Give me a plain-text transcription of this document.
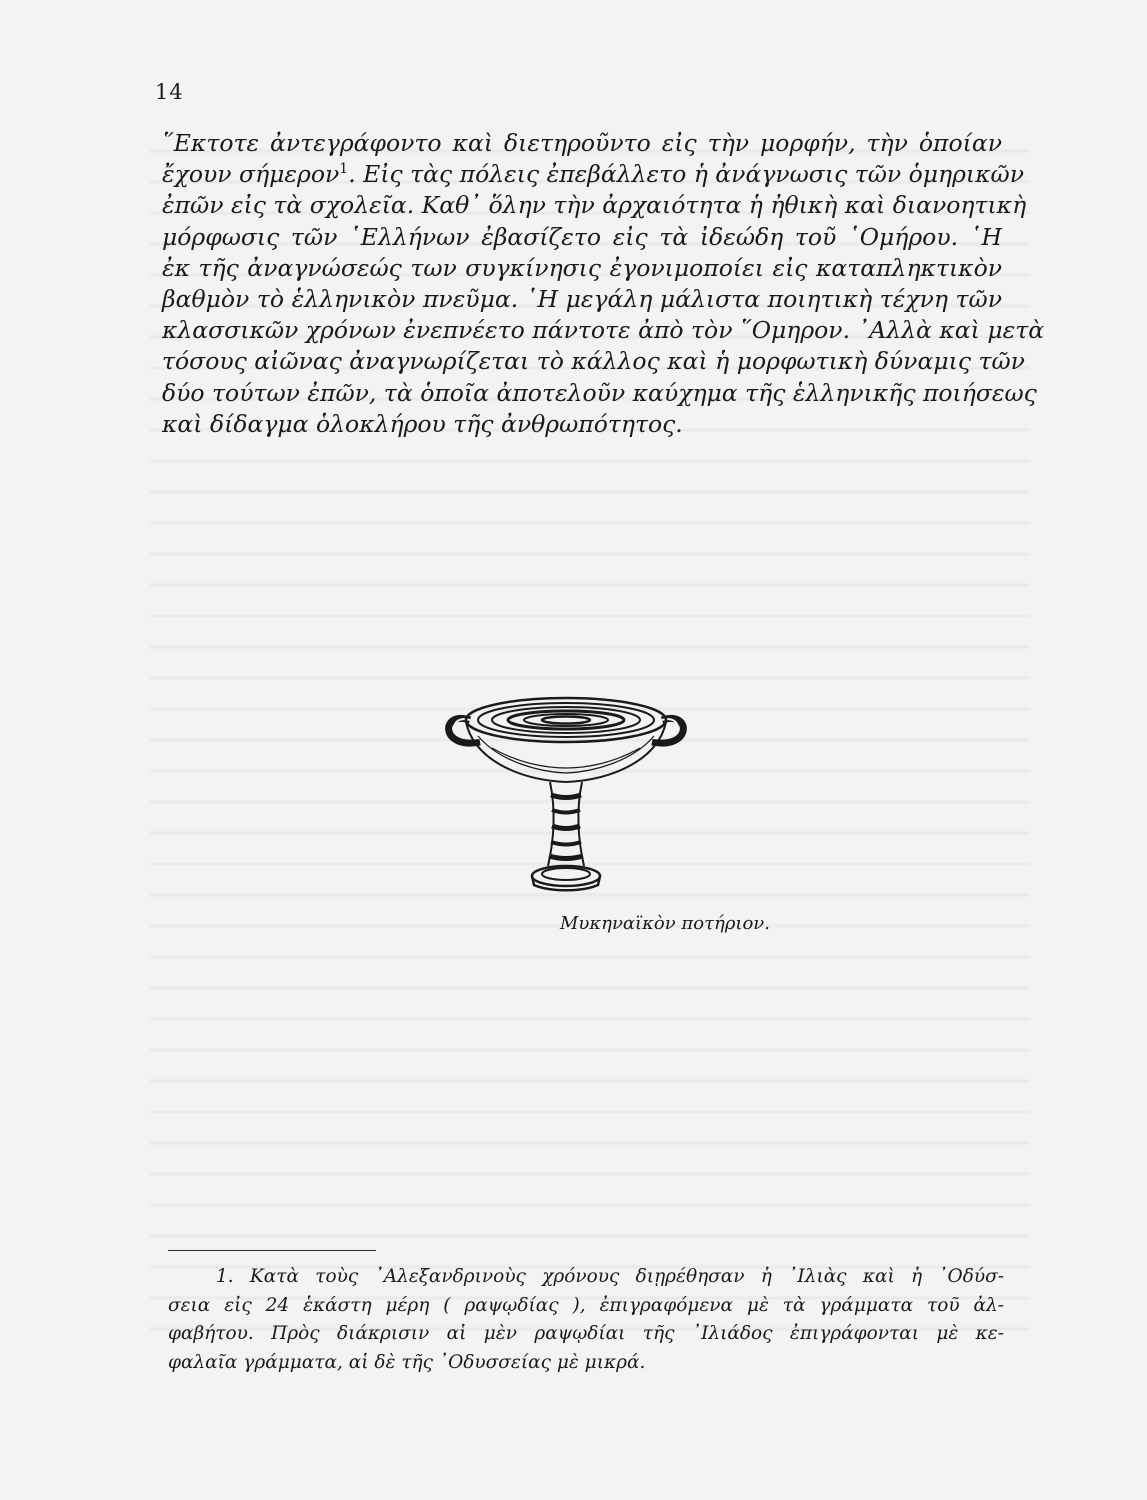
14
῞Εκτοτε ἀντεγράφοντο καὶ διετηροῦντο εἰς τὴν μορφήν, τὴν ὁποίαν
ἔχουν σήμερον$^1$. Εἰς τὰς πόλεις ἐπεβάλλετο ἡ ἀνάγνωσις τῶν ὁμηρικῶν
ἐπῶν εἰς τὰ σχολεῖα. Καθ᾽ ὅλην τὴν ἀρχαιότητα ἡ ἠθικὴ καὶ διανοητικὴ
μόρφωσις τῶν ῾Ελλήνων ἐβασίζετο εἰς τὰ ἰδεώδη τοῦ ῾Ομήρου. ῾Η
ἐκ τῆς ἀναγνώσεώς των συγκίνησις ἐγονιμοποίει εἰς καταπληκτικὸν
βαθμὸν τὸ ἑλληνικὸν πνεῦμα. ῾Η μεγάλη μάλιστα ποιητικὴ τέχνη τῶν
κλασσικῶν χρόνων ἐνεπνέετο πάντοτε ἀπὸ τὸν ῞Ομηρον. ᾽Αλλὰ καὶ μετὰ
τόσους αἰῶνας ἀναγνωρίζεται τὸ κάλλος καὶ ἡ μορφωτικὴ δύναμις τῶν
δύο τούτων ἐπῶν, τὰ ὁποῖα ἀποτελοῦν καύχημα τῆς ἑλληνικῆς ποιήσεως
καὶ δίδαγμα ὁλοκλήρου τῆς ἀνθρωπότητος.
Μυκηναϊκὸν ποτήριον.
1. Κατὰ τοὺς ᾽Αλεξανδρινοὺς χρόνους διῃρέθησαν ἡ ᾽Ιλιὰς καὶ ἡ ᾽Οδύσ-
σεια εἰς 24 ἑκάστη μέρη ( ραψῳδίας ), ἐπιγραφόμενα μὲ τὰ γράμματα τοῦ ἀλ-
φαβήτου. Πρὸς διάκρισιν αἱ μὲν ραψῳδίαι τῆς ᾽Ιλιάδος ἐπιγράφονται μὲ κε-
φαλαῖα γράμματα, αἱ δὲ τῆς ᾽Οδυσσείας μὲ μικρά.
